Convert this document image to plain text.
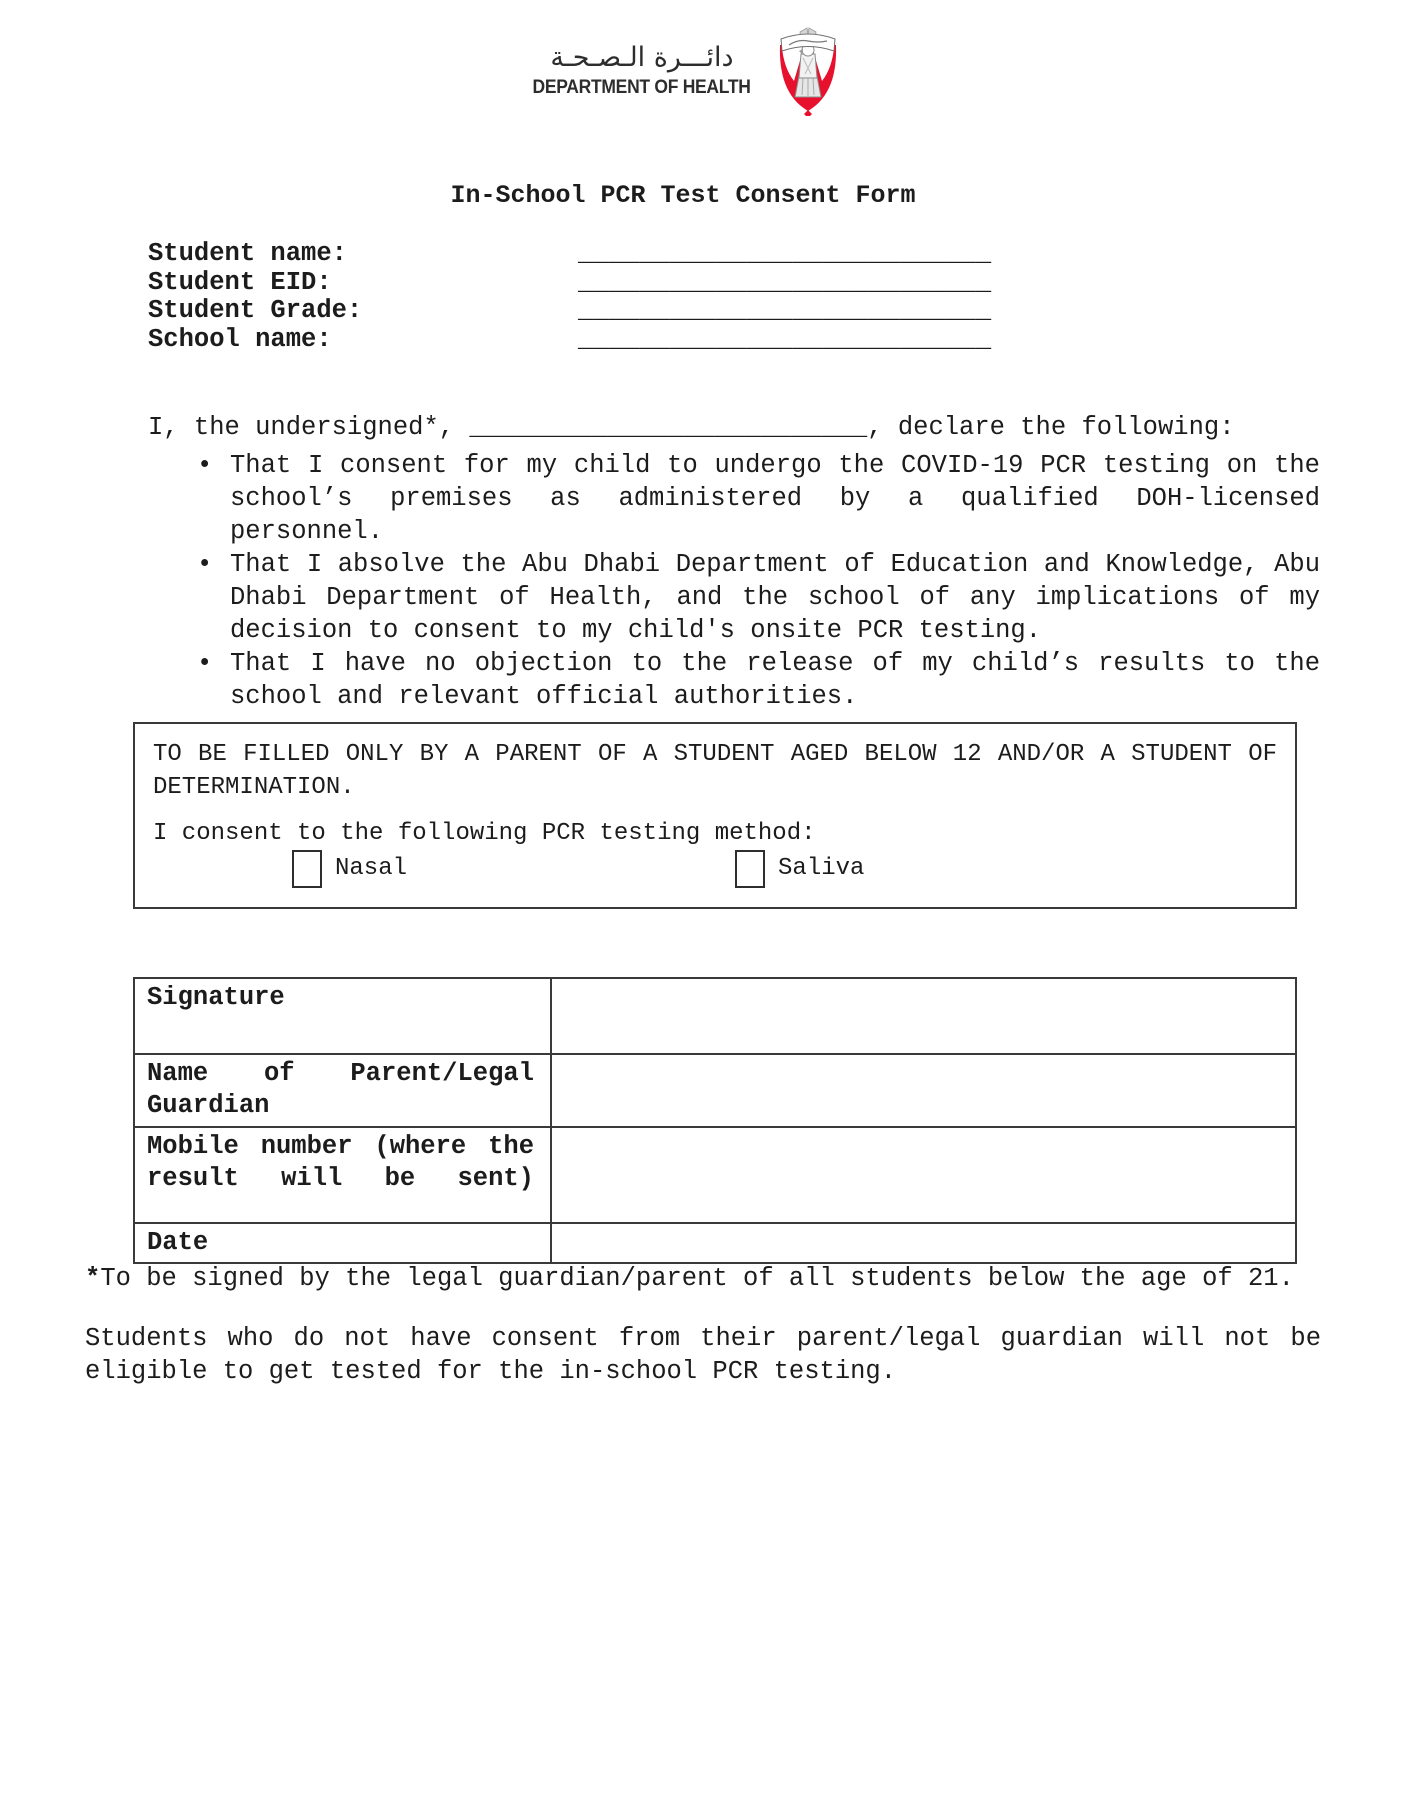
دائـــرة الـصـحـة
DEPARTMENT OF HEALTH
In-School PCR Test Consent Form
Student name:	___________________________
Student EID:	___________________________
Student Grade:	___________________________
School name:	___________________________
I, the undersigned*, __________________________, declare the following:
• That I consent for my child to undergo the COVID-19 PCR testing on the school’s premises as administered by a qualified DOH-licensed personnel.
• That I absolve the Abu Dhabi Department of Education and Knowledge, Abu Dhabi Department of Health, and the school of any implications of my decision to consent to my child's onsite PCR testing.
• That I have no objection to the release of my child’s results to the school and relevant official authorities.
TO BE FILLED ONLY BY A PARENT OF A STUDENT AGED BELOW 12 AND/OR A STUDENT OF DETERMINATION.
I consent to the following PCR testing method:
Nasal	Saliva
Signature	
Name of Parent/Legal Guardian	
Mobile number (where the result will be sent)	
Date	
*To be signed by the legal guardian/parent of all students below the age of 21.
Students who do not have consent from their parent/legal guardian will not be eligible to get tested for the in-school PCR testing.
